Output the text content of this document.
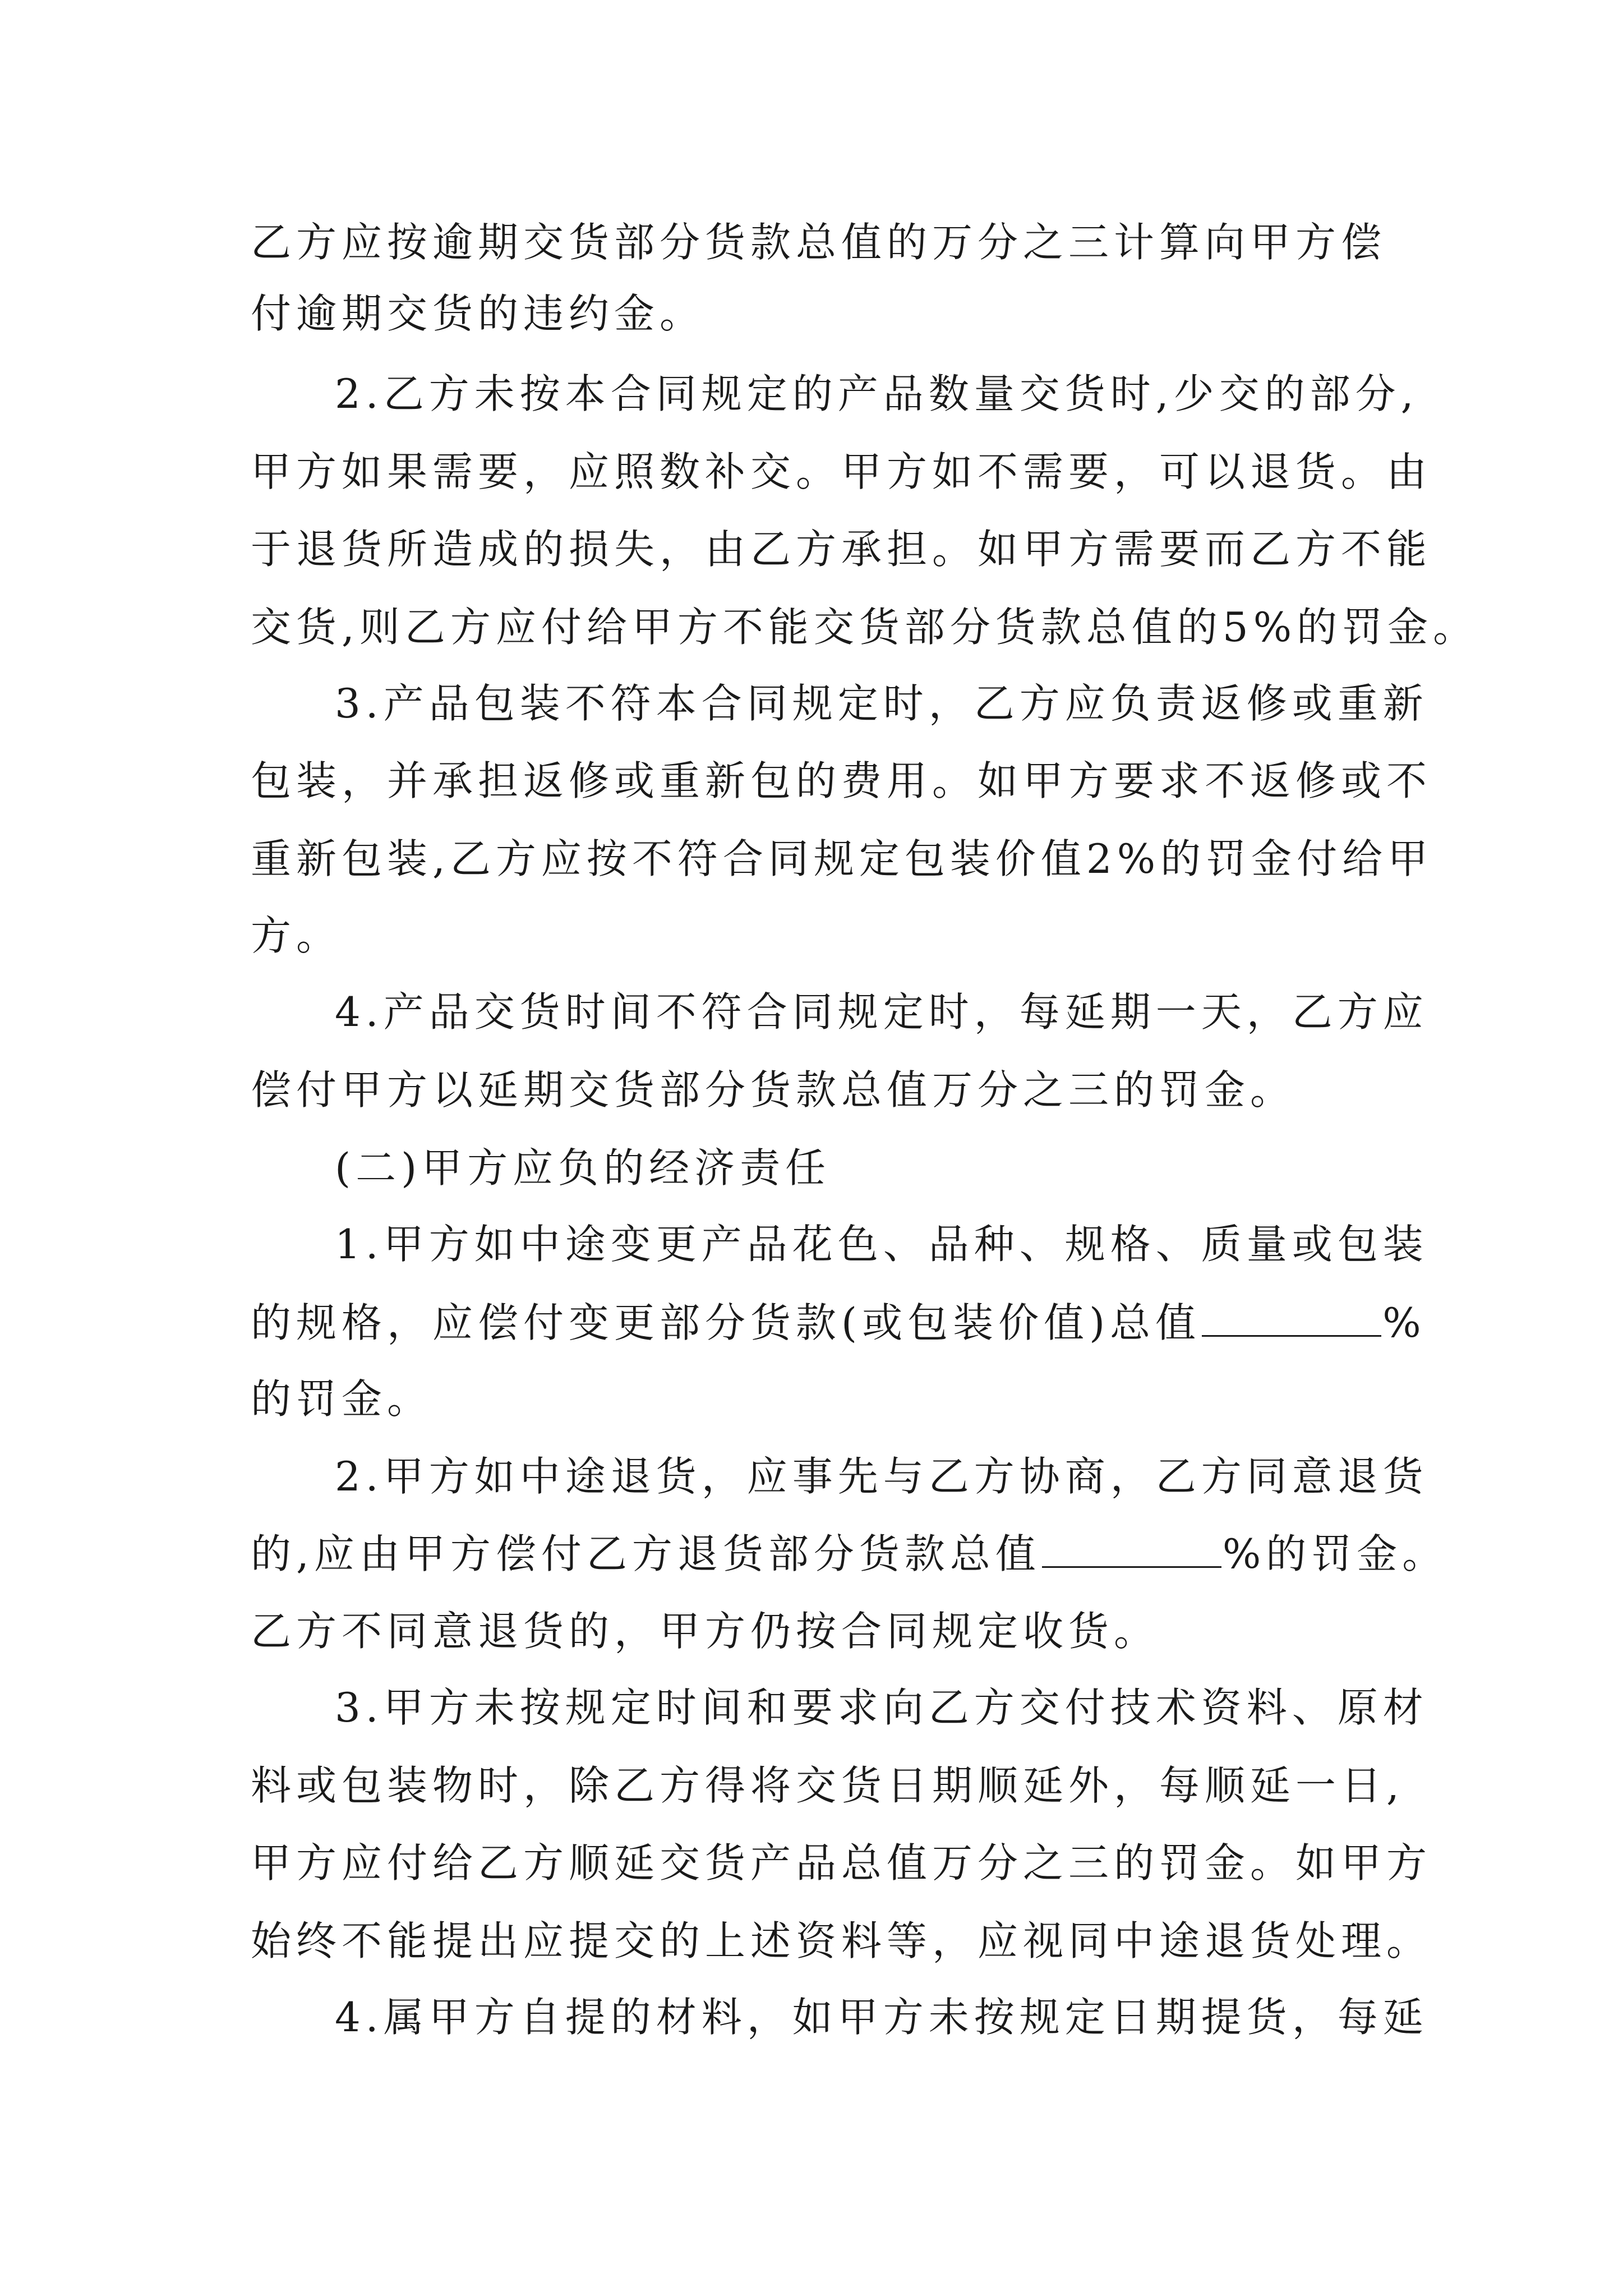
乙方应按逾期交货部分货款总值的万分之三计算向甲方偿
付逾期交货的违约金。
2.乙方未按本合同规定的产品数量交货时,少交的部分,
甲方如果需要，应照数补交。甲方如不需要，可以退货。由
于退货所造成的损失，由乙方承担。如甲方需要而乙方不能
交货,则乙方应付给甲方不能交货部分货款总值的5%的罚金。
3.产品包装不符本合同规定时，乙方应负责返修或重新
包装，并承担返修或重新包的费用。如甲方要求不返修或不
重新包装,乙方应按不符合同规定包装价值2%的罚金付给甲
方。
4.产品交货时间不符合同规定时，每延期一天，乙方应
偿付甲方以延期交货部分货款总值万分之三的罚金。
(二)甲方应负的经济责任
1.甲方如中途变更产品花色、品种、规格、质量或包装
的规格，应偿付变更部分货款(或包装价值)总值	%
的罚金。
2.甲方如中途退货，应事先与乙方协商，乙方同意退货
的,应由甲方偿付乙方退货部分货款总值	%的罚金。
乙方不同意退货的，甲方仍按合同规定收货。
3.甲方未按规定时间和要求向乙方交付技术资料、原材
料或包装物时，除乙方得将交货日期顺延外，每顺延一日,
甲方应付给乙方顺延交货产品总值万分之三的罚金。如甲方
始终不能提出应提交的上述资料等，应视同中途退货处理。
4.属甲方自提的材料，如甲方未按规定日期提货，每延
